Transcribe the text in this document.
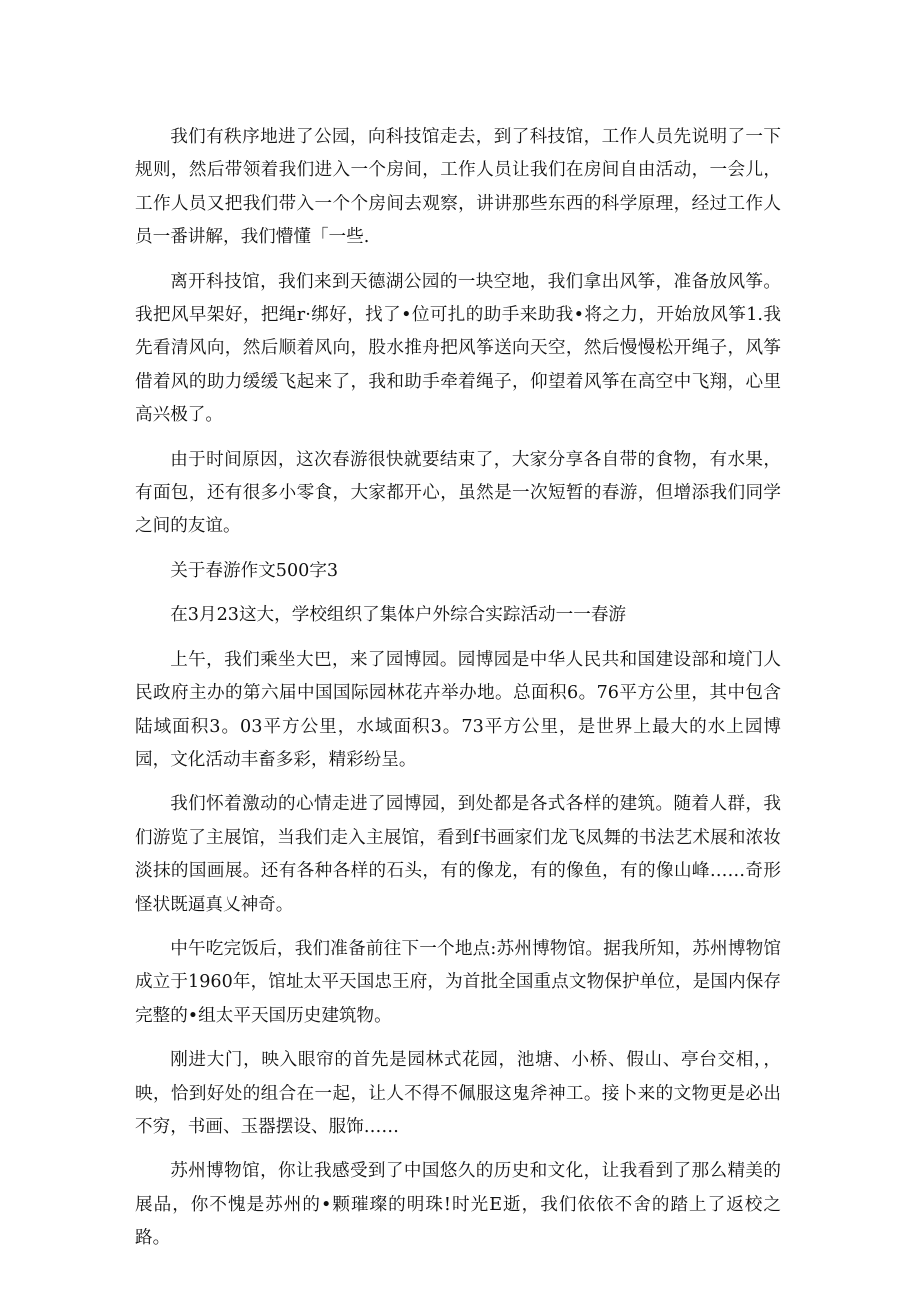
我们有秩序地进了公园，向科技馆走去，到了科技馆，工作人员先说明了一下规则，然后带领着我们进入一个房间，工作人员让我们在房间自由活动，一会儿，工作人员又把我们带入一个个房间去观察，讲讲那些东西的科学原理，经过工作人员一番讲解，我们懵懂「一些.

离开科技馆，我们来到天德湖公园的一块空地，我们拿出风筝，准备放风筝。我把风早架好，把绳r·绑好，找了•位可扎的助手来助我•将之力，开始放风筝1.我先看清风向，然后顺着风向，股水推舟把风筝送向天空，然后慢慢松开绳子，风筝借着风的助力缓缓飞起来了，我和助手牵着绳子，仰望着风筝在高空中飞翔，心里高兴极了。

由于时间原因，这次春游很快就要结束了，大家分享各自带的食物，有水果，有面包，还有很多小零食，大家都开心，虽然是一次短暂的春游，但增添我们同学之间的友谊。

关于春游作文500字3

在3月23这大，学校组织了集体户外综合实踪活动一一春游

上午，我们乘坐大巴，来了园博园。园博园是中华人民共和国建设部和境门人民政府主办的第六届中国国际园林花卉举办地。总面积6。76平方公里，其中包含陆域面积3。03平方公里，水域面积3。73平方公里，是世界上最大的水上园博园，文化活动丰畜多彩，精彩纷呈。

我们怀着激动的心情走进了园博园，到处都是各式各样的建筑。随着人群，我们游览了主展馆，当我们走入主展馆，看到f书画家们龙飞凤舞的书法艺术展和浓妆淡抹的国画展。还有各种各样的石头，有的像龙，有的像鱼，有的像山峰……奇形怪状既逼真乂神奇。

中午吃完饭后，我们准备前往下一个地点:苏州博物馆。据我所知，苏州博物馆成立于1960年，馆址太平天国忠王府，为首批全国重点文物保护单位，是国内保存完整的•组太平天国历史建筑物。

刚进大门，映入眼帘的首先是园林式花园，池塘、小桥、假山、亭台交相，，映，恰到好处的组合在一起，让人不得不佩服这鬼斧神工。接卜来的文物更是必出不穷，书画、玉器摆设、服饰……

苏州博物馆，你让我感受到了中国悠久的历史和文化，让我看到了那么精美的展品，你不愧是苏州的•颗璀璨的明珠!时光E逝，我们依依不舍的踏上了返校之路。
